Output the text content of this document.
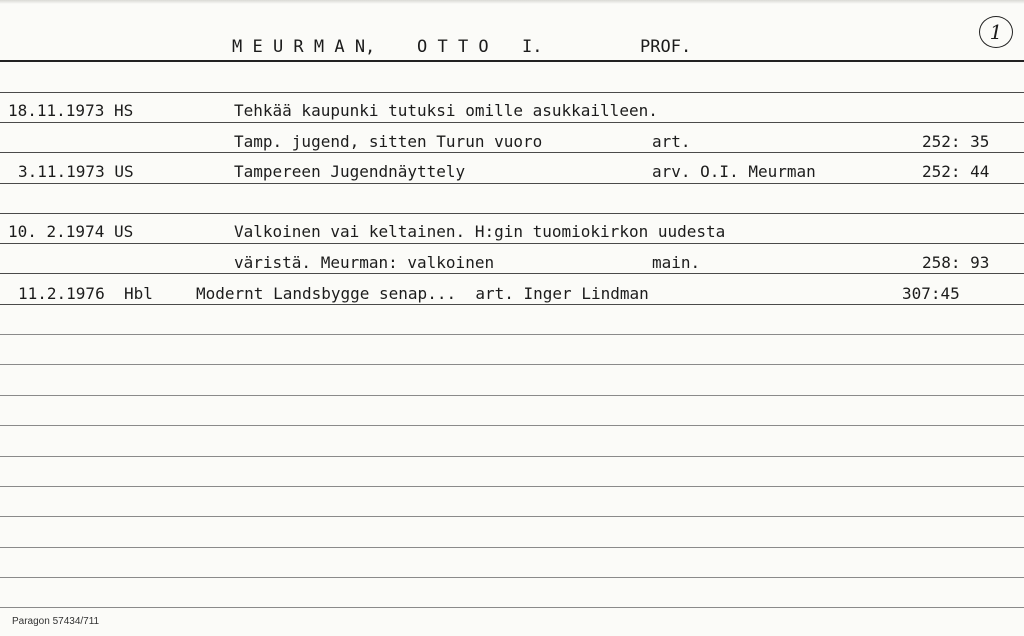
M E U R M A N, O T T O I.	PROF.
1
18.11.1973 HS	Tehkää kaupunki tutuksi omille asukkailleen.
Tamp. jugend, sitten Turun vuoro	art.	252: 35
3.11.1973 US	Tampereen Jugendnäyttely	arv. O.I. Meurman	252: 44
10. 2.1974 US	Valkoinen vai keltainen. H:gin tuomiokirkon uudesta
väristä. Meurman: valkoinen	main.	258: 93
11.2.1976  Hbl	Modernt Landsbygge senap...  art. Inger Lindman	307:45
Paragon 57434/711
